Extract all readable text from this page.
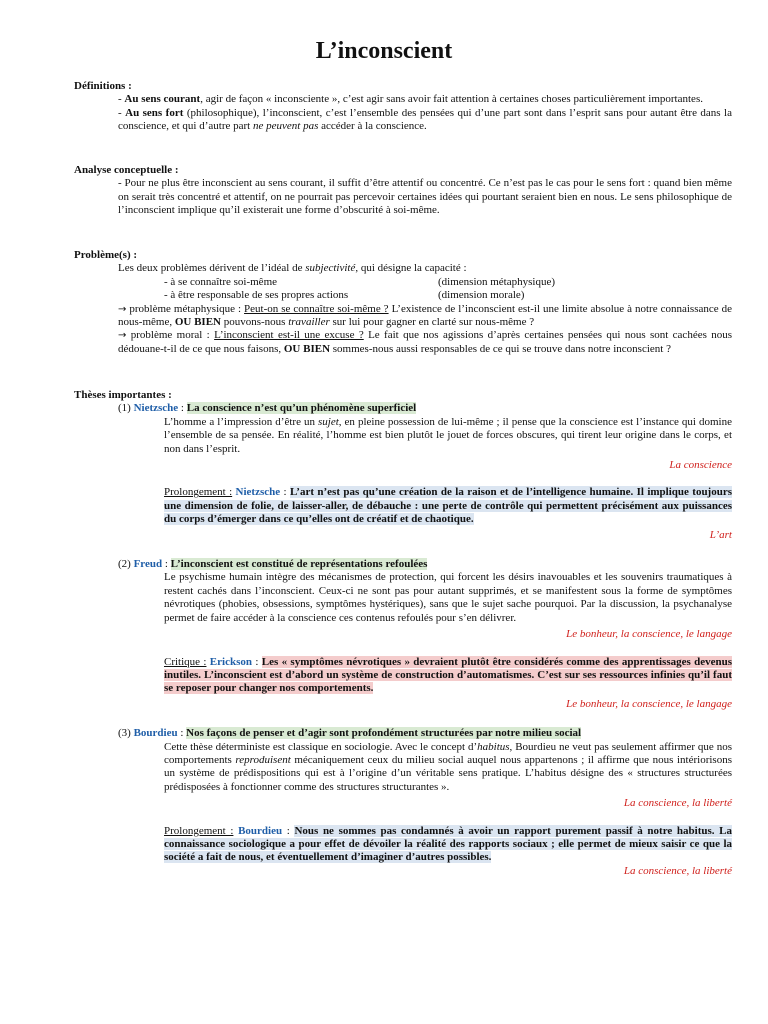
L’inconscient
Définitions :
- Au sens courant, agir de façon « inconsciente », c’est agir sans avoir fait attention à certaines choses particulièrement importantes.
- Au sens fort (philosophique), l’inconscient, c’est l’ensemble des pensées qui d’une part sont dans l’esprit sans pour autant être dans la conscience, et qui d’autre part ne peuvent pas accéder à la conscience.
Analyse conceptuelle :
- Pour ne plus être inconscient au sens courant, il suffit d’être attentif ou concentré. Ce n’est pas le cas pour le sens fort : quand bien même on serait très concentré et attentif, on ne pourrait pas percevoir certaines idées qui pourtant seraient bien en nous. Le sens philosophique de l’inconscient implique qu’il existerait une forme d’obscurité à soi-même.
Problème(s) :
Les deux problèmes dérivent de l’idéal de subjectivité, qui désigne la capacité :
- à se connaître soi-même	(dimension métaphysique)
- à être responsable de ses propres actions	(dimension morale)
→ problème métaphysique : Peut-on se connaître soi-même ? L’existence de l’inconscient est-il une limite absolue à notre connaissance de nous-même, OU BIEN pouvons-nous travailler sur lui pour gagner en clarté sur nous-même ?
→ problème moral : L’inconscient est-il une excuse ? Le fait que nos agissions d’après certaines pensées qui nous sont cachées nous dédouane-t-il de ce que nous faisons, OU BIEN sommes-nous aussi responsables de ce qui se trouve dans notre inconscient ?
Thèses importantes :
(1) Nietzsche : La conscience n’est qu’un phénomène superficiel
L’homme a l’impression d’être un sujet, en pleine possession de lui-même ; il pense que la conscience est l’instance qui domine l’ensemble de sa pensée. En réalité, l’homme est bien plutôt le jouet de forces obscures, qui tirent leur origine dans le corps, et non dans l’esprit.
La conscience
Prolongement : Nietzsche : L’art n’est pas qu’une création de la raison et de l’intelligence humaine. Il implique toujours une dimension de folie, de laisser-aller, de débauche : une perte de contrôle qui permettent précisément aux puissances du corps d’émerger dans ce qu’elles ont de créatif et de chaotique.
L’art
(2) Freud : L’inconscient est constitué de représentations refoulées
Le psychisme humain intègre des mécanismes de protection, qui forcent les désirs inavouables et les souvenirs traumatiques à restent cachés dans l’inconscient. Ceux-ci ne sont pas pour autant supprimés, et se manifestent sous la forme de symptômes névrotiques (phobies, obsessions, symptômes hystériques), sans que le sujet sache pourquoi. Par la discussion, la psychanalyse permet de faire accéder à la conscience ces contenus refoulés pour s’en délivrer.
Le bonheur, la conscience, le langage
Critique : Erickson : Les « symptômes névrotiques » devraient plutôt être considérés comme des apprentissages devenus inutiles. L’inconscient est d’abord un système de construction d’automatismes. C’est sur ses ressources infinies qu’il faut se reposer pour changer nos comportements.
Le bonheur, la conscience, le langage
(3) Bourdieu : Nos façons de penser et d’agir sont profondément structurées par notre milieu social
Cette thèse déterministe est classique en sociologie. Avec le concept d’habitus, Bourdieu ne veut pas seulement affirmer que nos comportements reproduisent mécaniquement ceux du milieu social auquel nous appartenons ; il affirme que nous intériorisons un système de prédispositions qui est à l’origine d’un véritable sens pratique. L’habitus désigne des « structures structurées prédisposées à fonctionner comme des structures structurantes ».
La conscience, la liberté
Prolongement : Bourdieu : Nous ne sommes pas condamnés à avoir un rapport purement passif à notre habitus. La connaissance sociologique a pour effet de dévoiler la réalité des rapports sociaux ; elle permet de mieux saisir ce que la société a fait de nous, et éventuellement d’imaginer d’autres possibles.
La conscience, la liberté
